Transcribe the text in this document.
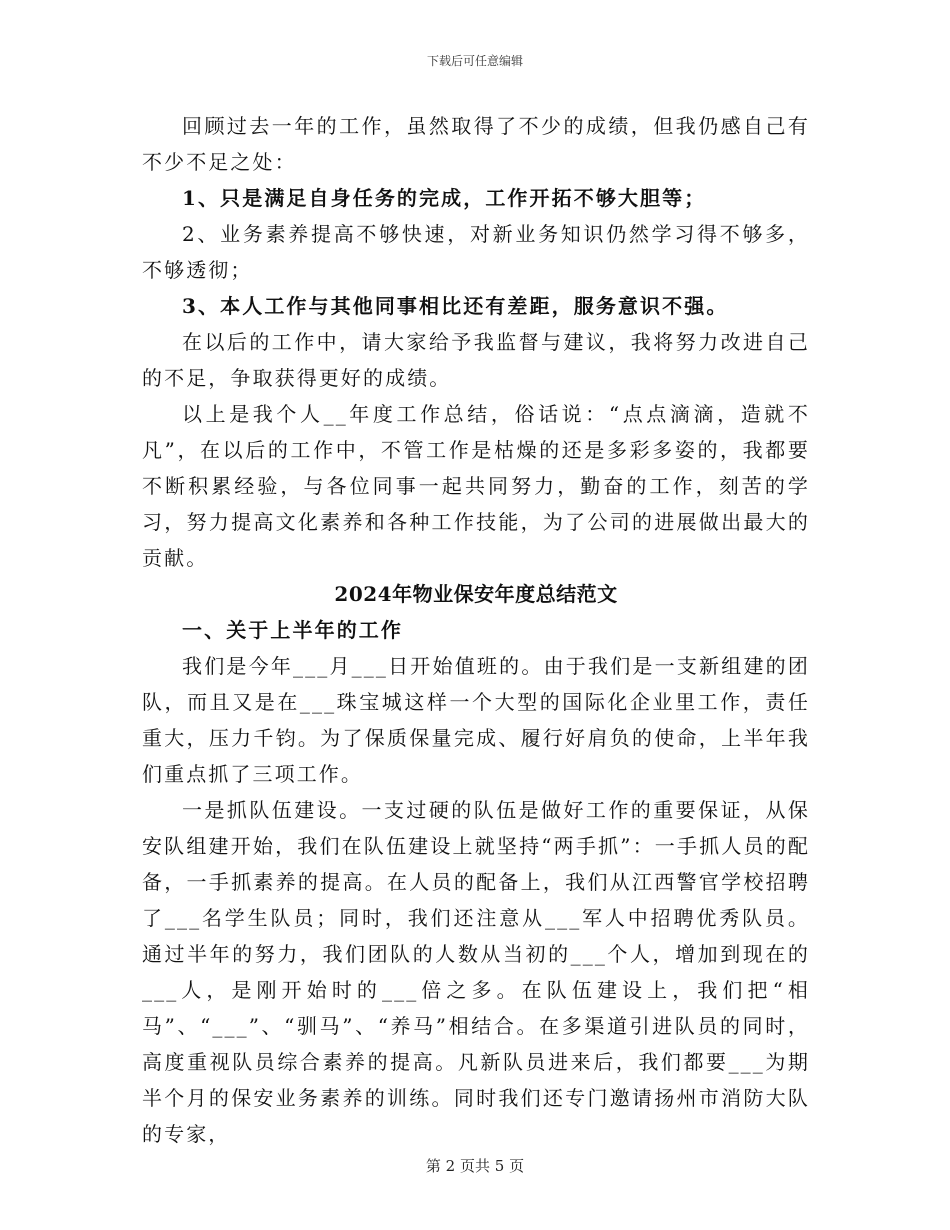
下载后可任意编辑

回顾过去一年的工作，虽然取得了不少的成绩，但我仍感自己有不少不足之处：

1、只是满足自身任务的完成，工作开拓不够大胆等；

2、业务素养提高不够快速，对新业务知识仍然学习得不够多，不够透彻；

3、本人工作与其他同事相比还有差距，服务意识不强。

在以后的工作中，请大家给予我监督与建议，我将努力改进自己的不足，争取获得更好的成绩。

以上是我个人__年度工作总结，俗话说：“点点滴滴，造就不凡”，在以后的工作中，不管工作是枯燥的还是多彩多姿的，我都要不断积累经验，与各位同事一起共同努力，勤奋的工作，刻苦的学习，努力提高文化素养和各种工作技能，为了公司的进展做出最大的贡献。

2024年物业保安年度总结范文

一、关于上半年的工作

我们是今年___月___日开始值班的。由于我们是一支新组建的团队，而且又是在___珠宝城这样一个大型的国际化企业里工作，责任重大，压力千钧。为了保质保量完成、履行好肩负的使命，上半年我们重点抓了三项工作。

一是抓队伍建设。一支过硬的队伍是做好工作的重要保证，从保安队组建开始，我们在队伍建设上就坚持“两手抓”：一手抓人员的配备，一手抓素养的提高。在人员的配备上，我们从江西警官学校招聘了___名学生队员；同时，我们还注意从___军人中招聘优秀队员。通过半年的努力，我们团队的人数从当初的___个人，增加到现在的___人，是刚开始时的___倍之多。在队伍建设上，我们把“相马”、“___”、“驯马”、“养马”相结合。在多渠道引进队员的同时，高度重视队员综合素养的提高。凡新队员进来后，我们都要___为期半个月的保安业务素养的训练。同时我们还专门邀请扬州市消防大队的专家，

第 2 页共 5 页
